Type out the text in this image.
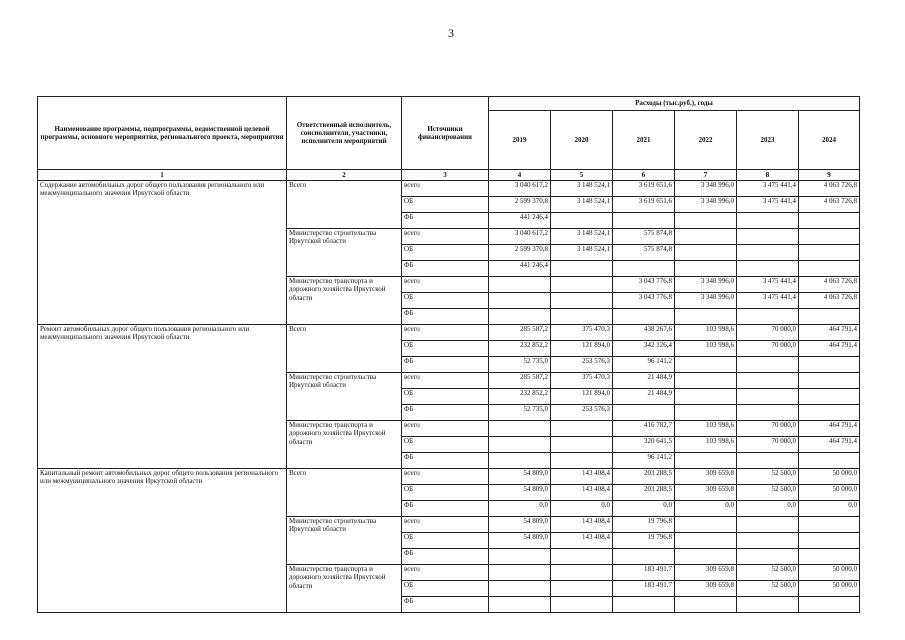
3
Наименование программы, подпрограммы, ведомственной целевой программы, основного мероприятия, региональнгого проекта, мероприятия	Ответственный исполнитель, соисполнители, участники, исполнители мероприятий	Источники финансирования	Расходы (тыс.руб.), годы					
			2019	2020	2021	2022	2023	2024
1	2	3	4	5	6	7	8	9
Содержание автомобильных дорог общего пользования регионального или межмуниципального значения Иркутской области	Всего	всего	3 040 617,2	3 148 524,1	3 619 651,6	3 348 996,0	3 475 441,4	4 063 726,8
		ОБ	2 599 370,8	3 148 524,1	3 619 651,6	3 348 996,0	3 475 441,4	4 063 726,8
		ФБ	441 246,4					
	Министерство строительства Иркутской области	всего	3 040 617,2	3 148 524,1	575 874,8			
		ОБ	2 599 370,8	3 148 524,1	575 874,8			
		ФБ	441 246,4					
	Министерство транспорта и дорожного хозяйства Иркутской области	всего			3 043 776,8	3 348 996,0	3 475 441,4	4 063 726,8
		ОБ			3 043 776,8	3 348 996,0	3 475 441,4	4 063 726,8
		ФБ						
Ремонт автомобильных дорог общего пользования регионального или межмуниципального значения Иркутской области	Всего	всего	285 587,2	375 470,3	438 267,6	103 998,6	70 000,0	464 791,4
		ОБ	232 852,2	121 894,0	342 126,4	103 998,6	70 000,0	464 791,4
		ФБ	52 735,0	253 576,3	96 141,2			
	Министерство строительства Иркутской области	всего	285 587,2	375 470,3	21 484,9			
		ОБ	232 852,2	121 894,0	21 484,9			
		ФБ	52 735,0	253 576,3				
	Министерство транспорта и дорожного хозяйства Иркутской области	всего			416 782,7	103 998,6	70 000,0	464 791,4
		ОБ			320 641,5	103 998,6	70 000,0	464 791,4
		ФБ			96 141,2			
Капитальный ремонт автомобильных дорог общего пользования регионального или межмуниципального значения Иркутской области	Всего	всего	54 809,0	143 408,4	203 288,5	309 659,8	52 500,0	50 000,0
		ОБ	54 809,0	143 408,4	203 288,5	309 659,8	52 500,0	50 000,0
		ФБ	0,0	0,0	0,0	0,0	0,0	0,0
	Министерство строительства Иркутской области	всего	54 809,0	143 408,4	19 796,8			
		ОБ	54 809,0	143 408,4	19 796,8			
		ФБ						
	Министерство транспорта и дорожного хозяйства Иркутской области	всего			183 491,7	309 659,8	52 500,0	50 000,0
		ОБ			183 491,7	309 659,8	52 500,0	50 000,0
		ФБ						
